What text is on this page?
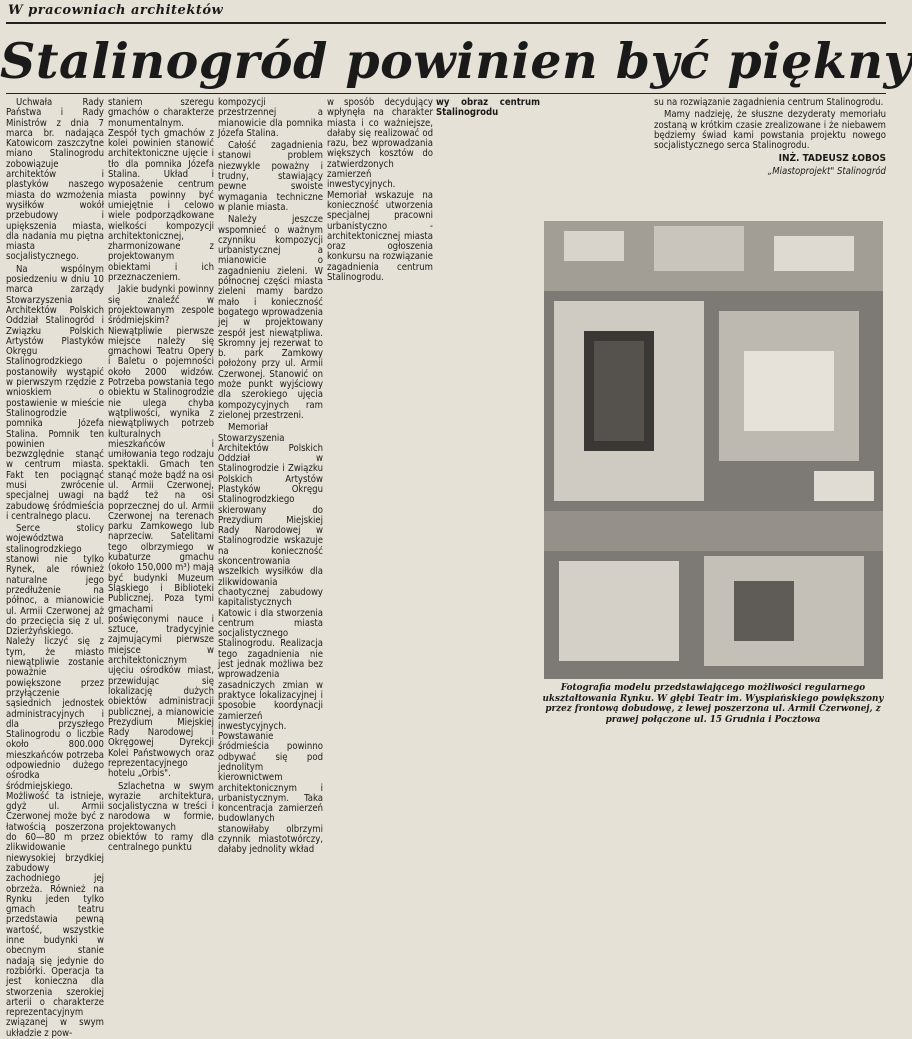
W pracowniach architektów
Stalinogród powinien być piękny

Uchwała Rady Państwa i Rady Ministrów z dnia 7 marca br. nadająca Katowicom zaszczytne miano Stalinogrodu zobowiązuje architektów i plastyków naszego miasta do wzmożenia wysiłków wokół przebudowy i upiększenia miasta, dla nadania mu piętna miasta socjalistycznego.

Na wspólnym posiedzeniu w dniu 10 marca zarządy Stowarzyszenia Architektów Polskich Oddział Stalinogród i Związku Polskich Artystów Plastyków Okręgu Stalinogrodzkiego postanowiły wystąpić w pierwszym rzędzie z wnioskiem o postawienie w mieście Stalinogrodzie pomnika Józefa Stalina. Pomnik ten powinien bezwzględnie stanąć w centrum miasta. Fakt ten pociągnąć musi zwrócenie specjalnej uwagi na zabudowę śródmieścia i centralnego placu.

Serce stolicy województwa stalinogrodzkiego stanowi nie tylko Rynek, ale również naturalne jego przedłużenie na północ, a mianowicie ul. Armii Czerwonej aż do przecięcia się z ul. Dzierżyńskiego. Należy liczyć się z tym, że miasto niewątpliwie zostanie poważnie powiększone przez przyłączenie sąsiednich jednostek administracyjnych i dla przyszłego Stalinogrodu o liczbie około 800.000 mieszkańców potrzeba odpowiednio dużego ośrodka śródmiejskiego. Możliwość ta istnieje, gdyż ul. Armii Czerwonej może być z łatwością poszerzona do 60—80 m przez zlikwidowanie niewysokiej brzydkiej zabudowy zachodniego jej obrzeża. Również na Rynku jeden tylko gmach teatru przedstawia pewną wartość, wszystkie inne budynki w obecnym stanie nadają się jedynie do rozbiórki. Operacja ta jest konieczna dla stworzenia szerokiej arterii o charakterze reprezentacyjnym związanej w swym układzie z pow-

staniem szeregu gmachów o charakterze monumentalnym. Zespół tych gmachów z kolei powinien stanowić architektoniczne ujęcie i tło dla pomnika Józefa Stalina. Układ i wyposażenie centrum miasta powinny być umiejętnie i celowo wiele podporządkowane wielkości kompozycji architektonicznej, zharmonizowane z projektowanym obiektami i ich przeznaczeniem.

Jakie budynki powinny się znaleźć w projektowanym zespole śródmiejskim? Niewątpliwie pierwsze miejsce należy się gmachowi Teatru Opery i Baletu o pojemności około 2000 widzów. Potrzeba powstania tego obiektu w Stalinogrodzie nie ulega chyba wątpliwości, wynika z niewątpliwych potrzeb kulturalnych mieszkańców i umiłowania tego rodzaju spektakli. Gmach ten stanąć może bądź na osi ul. Armii Czerwonej, bądź też na osi poprzecznej do ul. Armii Czerwonej na terenach parku Zamkowego lub naprzeciw. Satelitami tego olbrzymiego w kubaturze gmachu (około 150,000 m³) mają być budynki Muzeum Śląskiego i Biblioteki Publicznej. Poza tymi gmachami poświęconymi nauce i sztuce, tradycyjnie zajmującymi pierwsze miejsce w architektonicznym ujęciu ośrodków miast, przewidując się lokalizację dużych obiektów administracji publicznej, a mianowicie Prezydium Miejskiej Rady Narodowej i Okręgowej Dyrekcji Kolei Państwowych oraz reprezentacyjnego hotelu „Orbis".

Szlachetna w swym wyrazie architektura, socjalistyczna w treści i narodowa w formie, projektowanych obiektów to ramy dla centralnego punktu

kompozycji przestrzennej a mianowicie dla pomnika Józefa Stalina.

Całość zagadnienia stanowi problem niezwykle poważny i trudny, stawiający pewne swoiste wymagania techniczne w planie miasta.

Należy jeszcze wspomnieć o ważnym czynniku kompozycji urbanistycznej a mianowicie o zagadnieniu zieleni. W północnej części miasta zieleni mamy bardzo mało i konieczność bogatego wprowadzenia jej w projektowany zespół jest niewątpliwa. Skromny jej rezerwat to b. park Zamkowy położony przy ul. Armii Czerwonej. Stanowić on może punkt wyjściowy dla szerokiego ujęcia kompozycyjnych ram zielonej przestrzeni.

Memoriał Stowarzyszenia Architektów Polskich Oddział w Stalinogrodzie i Związku Polskich Artystów Plastyków Okręgu Stalinogrodzkiego skierowany do Prezydium Miejskiej Rady Narodowej w Stalinogrodzie wskazuje na konieczność skoncentrowania wszelkich wysiłków dla zlikwidowania chaotycznej zabudowy kapitalistycznych Katowic i dla stworzenia centrum miasta socjalistycznego Stalinogrodu. Realizacja tego zagadnienia nie jest jednak możliwa bez wprowadzenia zasadniczych zmian w praktyce lokalizacyjnej i sposobie koordynacji zamierzeń inwestycyjnych. Powstawanie śródmieścia powinno odbywać się pod jednolitym kierownictwem architektonicznym i urbanistycznym. Taka koncentracja zamierzeń budowlanych stanowiłaby olbrzymi czynnik miastotwórczy, dałaby jednolity wkład

w sposób decydujący wpłynęła na charakter miasta i co ważniejsze, dałaby się realizować od razu, bez wprowadzania większych kosztów do zatwierdzonych zamierzeń inwestycyjnych. Memoriał wskazuje na konieczność utworzenia specjalnej pracowni urbanistyczno - architektonicznej miasta oraz ogłoszenia konkursu na rozwiązanie zagadnienia centrum Stalinogrodu.

wy obraz centrum Stalinogrodu

su na rozwiązanie zagadnienia centrum Stalinogrodu.

Mamy nadzieję, że słuszne dezyderaty memoriału zostaną w krótkim czasie zrealizowane i że niebawem będziemy świad kami powstania projektu nowego socjalistycznego serca Stalinogrodu.

INŻ. TADEUSZ ŁOBOS

„Miastoprojekt" Stalinogród

Fotografia modelu przedstawiającego możliwości regularnego ukształtowania Rynku. W głębi Teatr im. Wyspiańskiego powiększony przez frontową dobudowę, z lewej poszerzona ul. Armii Czerwonej, z prawej połączone ul. 15 Grudnia i Pocztowa
